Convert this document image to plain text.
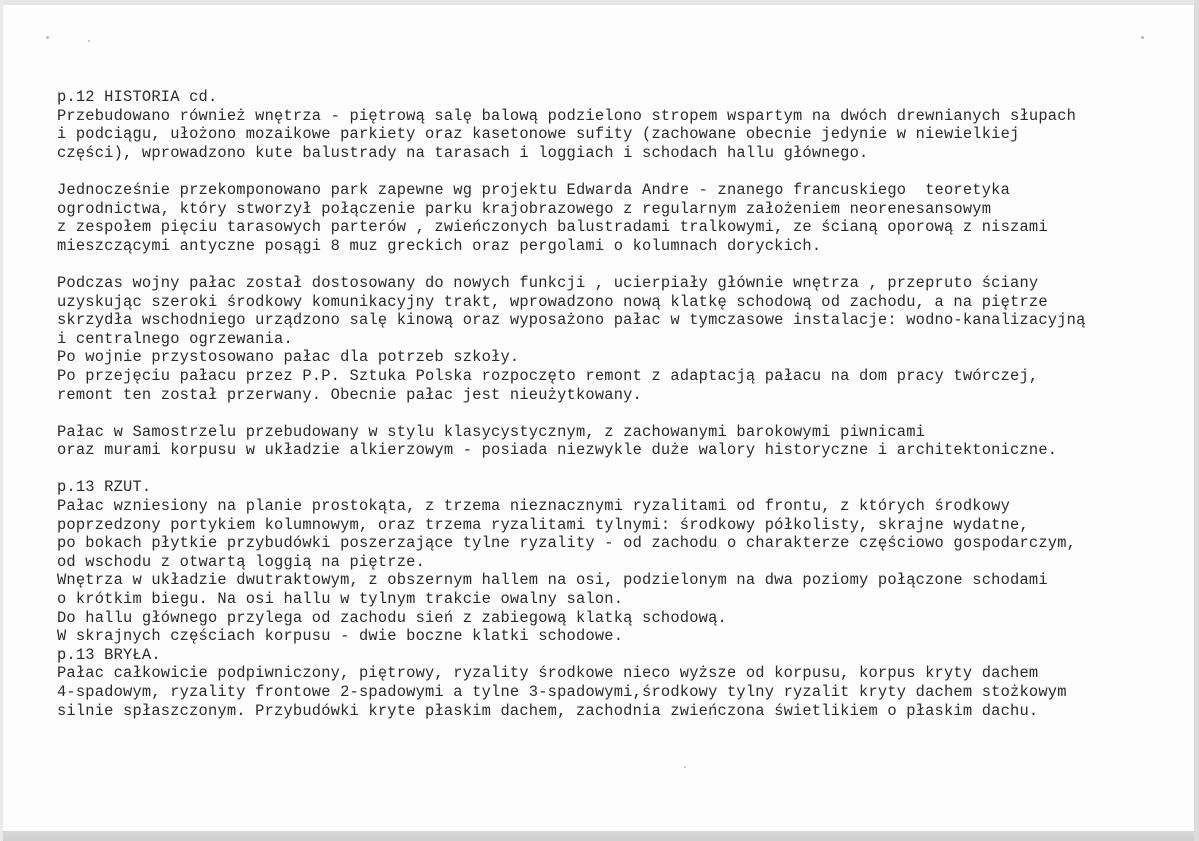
p.12 HISTORIA cd.
Przebudowano również wnętrza - piętrową salę balową podzielono stropem wspartym na dwóch drewnianych słupach
i podciągu, ułożono mozaikowe parkiety oraz kasetonowe sufity (zachowane obecnie jedynie w niewielkiej
części), wprowadzono kute balustrady na tarasach i loggiach i schodach hallu głównego.
Jednocześnie przekomponowano park zapewne wg projektu Edwarda Andre - znanego francuskiego  teoretyka
ogrodnictwa, który stworzył połączenie parku krajobrazowego z regularnym założeniem neorenesansowym
z zespołem pięciu tarasowych parterów , zwieńczonych balustradami tralkowymi, ze ścianą oporową z niszami
mieszczącymi antyczne posągi 8 muz greckich oraz pergolami o kolumnach doryckich.
Podczas wojny pałac został dostosowany do nowych funkcji , ucierpiały głównie wnętrza , przepruto ściany
uzyskując szeroki środkowy komunikacyjny trakt, wprowadzono nową klatkę schodową od zachodu, a na piętrze
skrzydła wschodniego urządzono salę kinową oraz wyposażono pałac w tymczasowe instalacje: wodno-kanalizacyjną
i centralnego ogrzewania.
Po wojnie przystosowano pałac dla potrzeb szkoły.
Po przejęciu pałacu przez P.P. Sztuka Polska rozpoczęto remont z adaptacją pałacu na dom pracy twórczej,
remont ten został przerwany. Obecnie pałac jest nieużytkowany.
Pałac w Samostrzelu przebudowany w stylu klasycystycznym, z zachowanymi barokowymi piwnicami
oraz murami korpusu w układzie alkierzowym - posiada niezwykle duże walory historyczne i architektoniczne.
p.13 RZUT.
Pałac wzniesiony na planie prostokąta, z trzema nieznacznymi ryzalitami od frontu, z których środkowy
poprzedzony portykiem kolumnowym, oraz trzema ryzalitami tylnymi: środkowy półkolisty, skrajne wydatne,
po bokach płytkie przybudówki poszerzające tylne ryzality - od zachodu o charakterze częściowo gospodarczym,
od wschodu z otwartą loggią na piętrze.
Wnętrza w układzie dwutraktowym, z obszernym hallem na osi, podzielonym na dwa poziomy połączone schodami
o krótkim biegu. Na osi hallu w tylnym trakcie owalny salon.
Do hallu głównego przylega od zachodu sień z zabiegową klatką schodową.
W skrajnych częściach korpusu - dwie boczne klatki schodowe.
p.13 BRYŁA.
Pałac całkowicie podpiwniczony, piętrowy, ryzality środkowe nieco wyższe od korpusu, korpus kryty dachem
4-spadowym, ryzality frontowe 2-spadowymi a tylne 3-spadowymi,środkowy tylny ryzalit kryty dachem stożkowym
silnie spłaszczonym. Przybudówki kryte płaskim dachem, zachodnia zwieńczona świetlikiem o płaskim dachu.
